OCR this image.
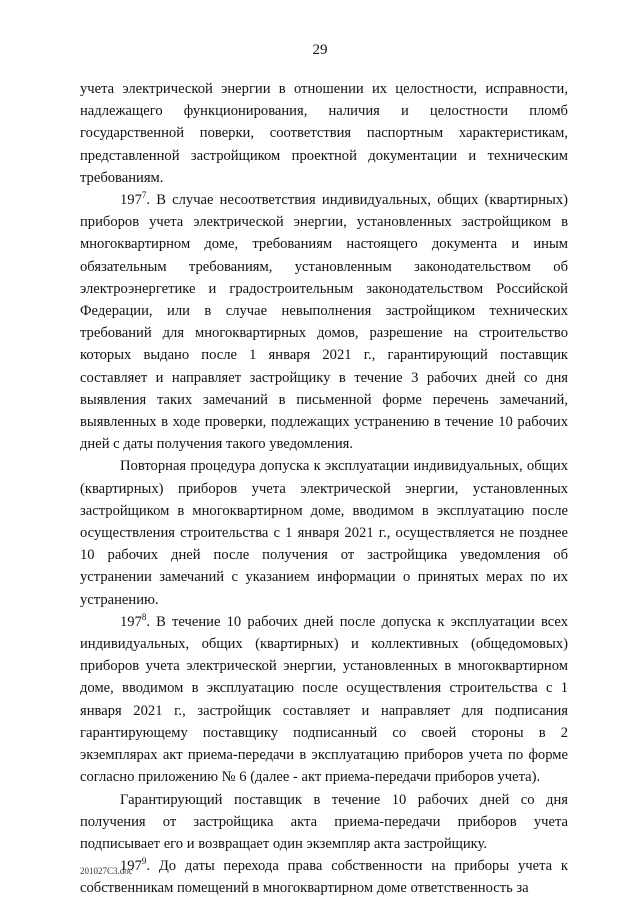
29

учета электрической энергии в отношении их целостности, исправности, надлежащего функционирования, наличия и целостности пломб государственной поверки, соответствия паспортным характеристикам, представленной застройщиком проектной документации и техническим требованиям.

$197^7$. В случае несоответствия индивидуальных, общих (квартирных) приборов учета электрической энергии, установленных застройщиком в многоквартирном доме, требованиям настоящего документа и иным обязательным требованиям, установленным законодательством об электроэнергетике и градостроительным законодательством Российской Федерации, или в случае невыполнения застройщиком технических требований для многоквартирных домов, разрешение на строительство которых выдано после 1 января 2021 г., гарантирующий поставщик составляет и направляет застройщику в течение 3 рабочих дней со дня выявления таких замечаний в письменной форме перечень замечаний, выявленных в ходе проверки, подлежащих устранению в течение 10 рабочих дней с даты получения такого уведомления.

Повторная процедура допуска к эксплуатации индивидуальных, общих (квартирных) приборов учета электрической энергии, установленных застройщиком в многоквартирном доме, вводимом в эксплуатацию после осуществления строительства с 1 января 2021 г., осуществляется не позднее 10 рабочих дней после получения от застройщика уведомления об устранении замечаний с указанием информации о принятых мерах по их устранению.

$197^8$. В течение 10 рабочих дней после допуска к эксплуатации всех индивидуальных, общих (квартирных) и коллективных (общедомовых) приборов учета электрической энергии, установленных в многоквартирном доме, вводимом в эксплуатацию после осуществления строительства с 1 января 2021 г., застройщик составляет и направляет для подписания гарантирующему поставщику подписанный со своей стороны в 2 экземплярах акт приема-передачи в эксплуатацию приборов учета по форме согласно приложению № 6 (далее - акт приема-передачи приборов учета).

Гарантирующий поставщик в течение 10 рабочих дней со дня получения от застройщика акта приема-передачи приборов учета подписывает его и возвращает один экземпляр акта застройщику.

$197^9$. До даты перехода права собственности на приборы учета к собственникам помещений в многоквартирном доме ответственность за

201027C3.doc
